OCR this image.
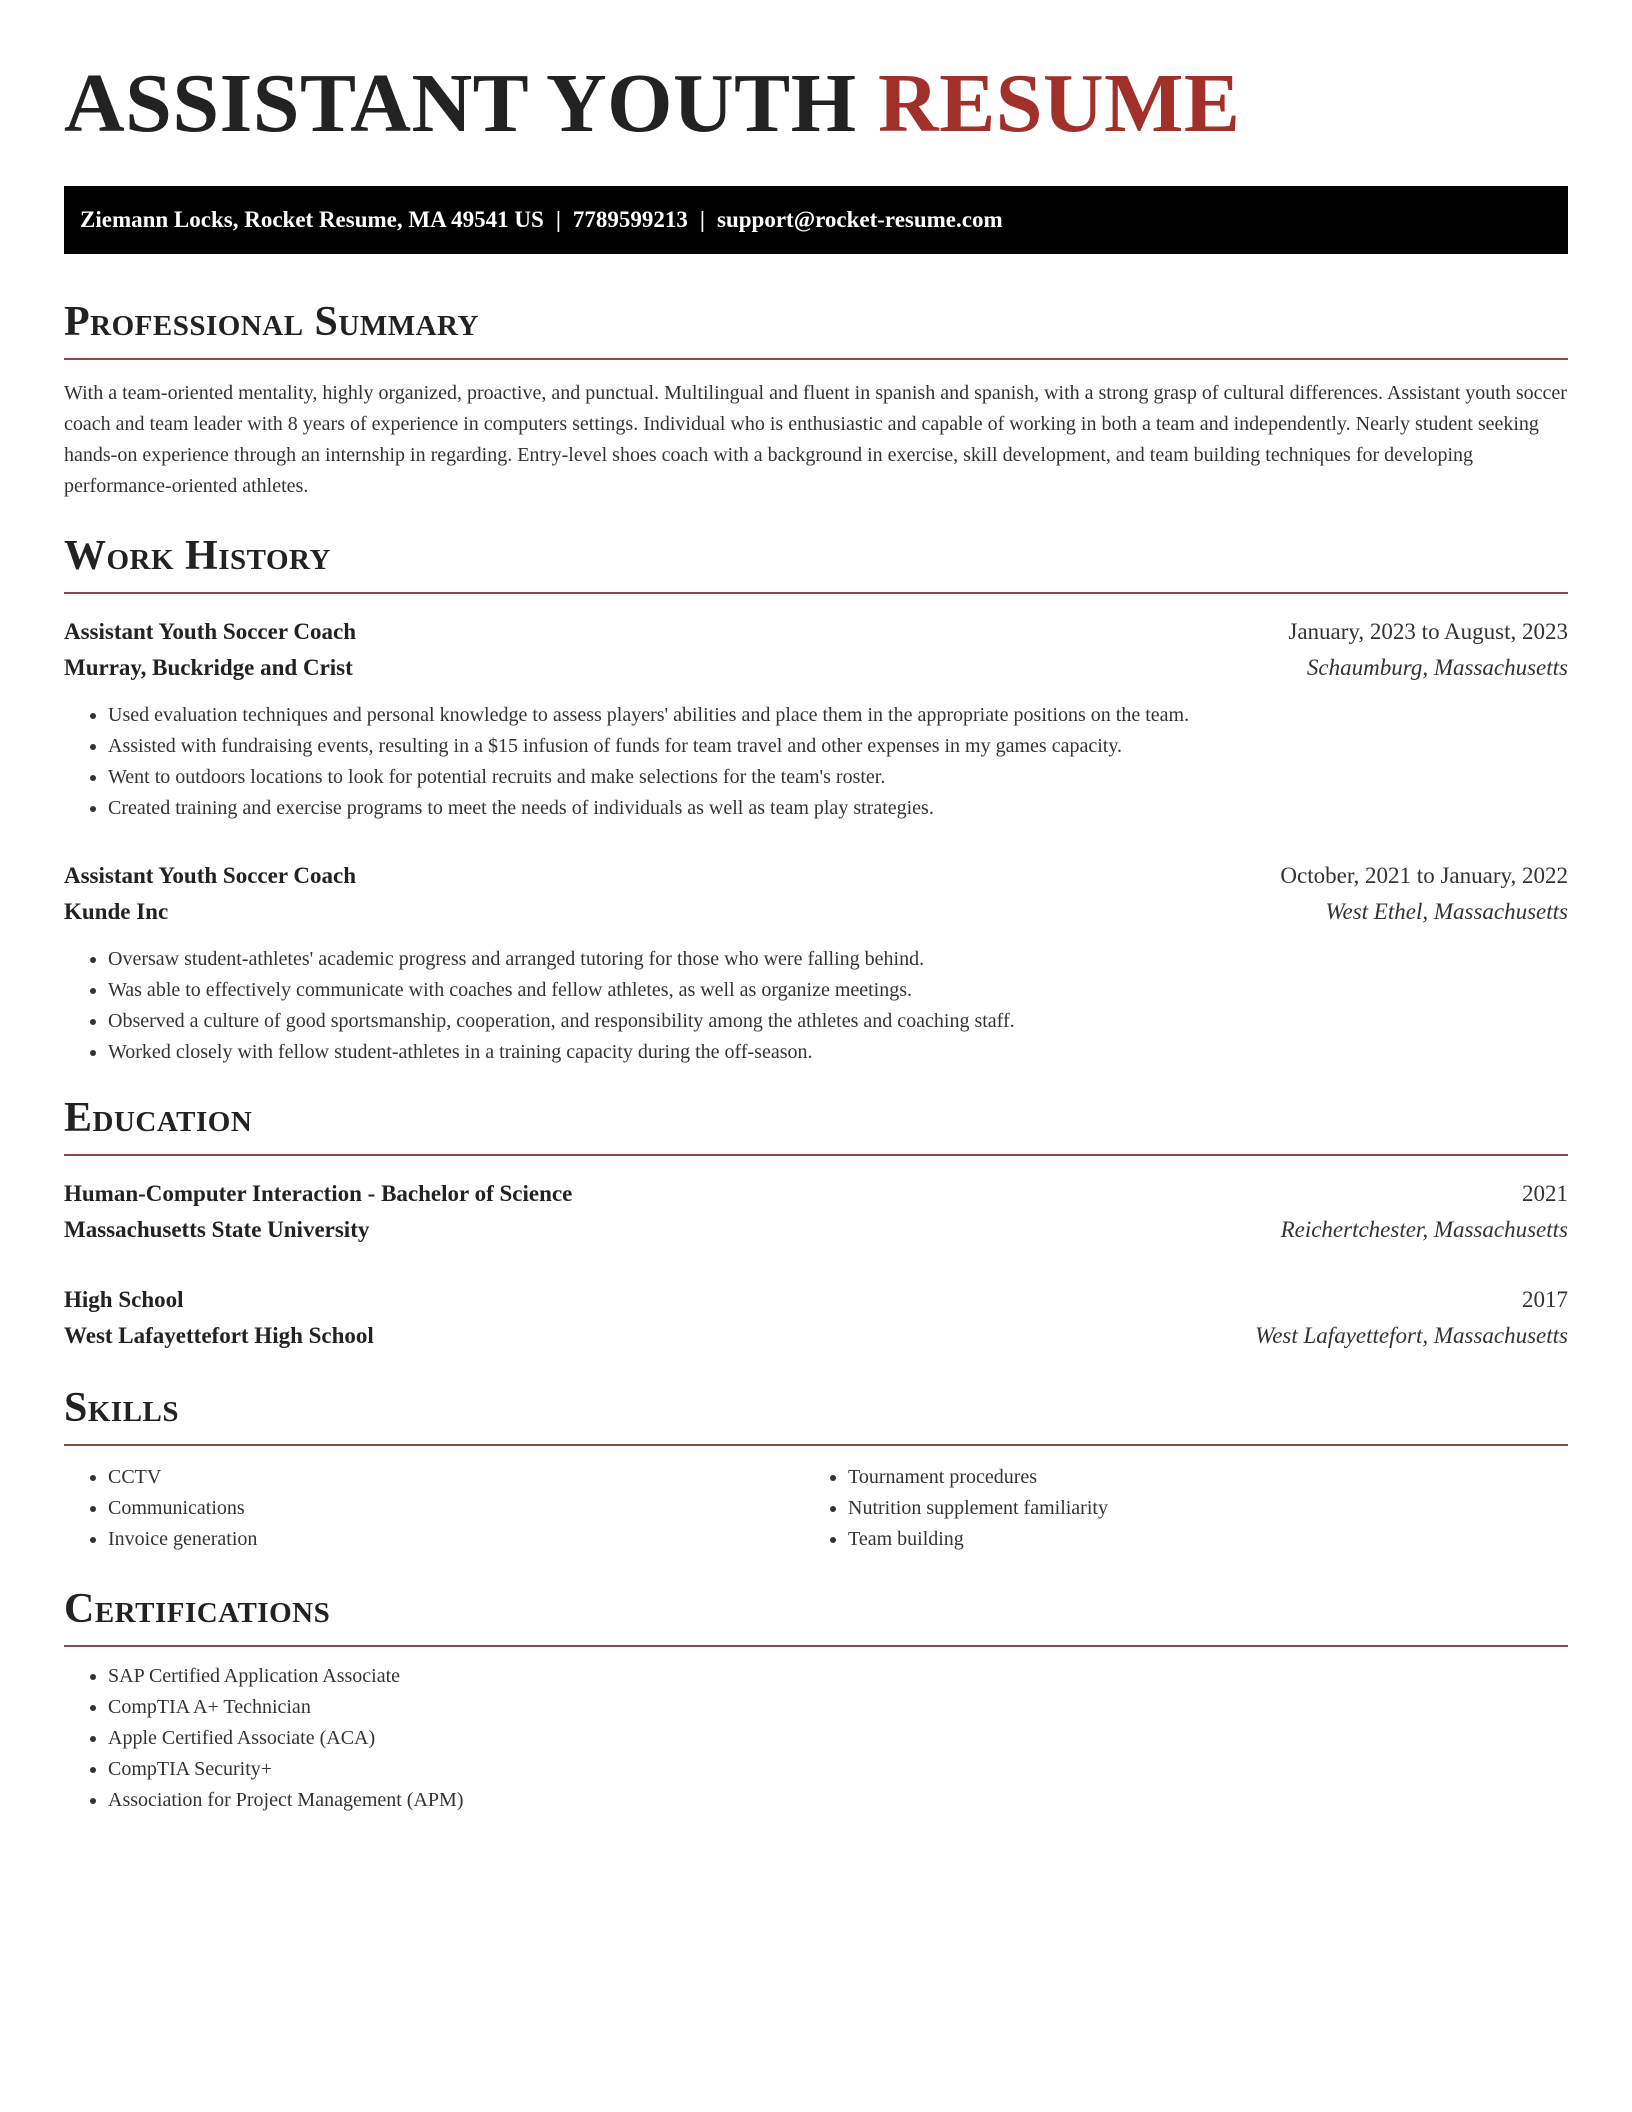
ASSISTANT YOUTH RESUME
Ziemann Locks, Rocket Resume, MA 49541 US | 7789599213 | support@rocket-resume.com
Professional Summary

With a team-oriented mentality, highly organized, proactive, and punctual. Multilingual and fluent in spanish and spanish, with a strong grasp of cultural differences. Assistant youth soccer coach and team leader with 8 years of experience in computers settings. Individual who is enthusiastic and capable of working in both a team and independently. Nearly student seeking hands-on experience through an internship in regarding. Entry-level shoes coach with a background in exercise, skill development, and team building techniques for developing performance-oriented athletes.

Work History
Assistant Youth Soccer Coach	January, 2023 to August, 2023
Murray, Buckridge and Crist	Schaumburg, Massachusetts
• Used evaluation techniques and personal knowledge to assess players' abilities and place them in the appropriate positions on the team.
• Assisted with fundraising events, resulting in a $15 infusion of funds for team travel and other expenses in my games capacity.
• Went to outdoors locations to look for potential recruits and make selections for the team's roster.
• Created training and exercise programs to meet the needs of individuals as well as team play strategies.
Assistant Youth Soccer Coach	October, 2021 to January, 2022
Kunde Inc	West Ethel, Massachusetts
• Oversaw student-athletes' academic progress and arranged tutoring for those who were falling behind.
• Was able to effectively communicate with coaches and fellow athletes, as well as organize meetings.
• Observed a culture of good sportsmanship, cooperation, and responsibility among the athletes and coaching staff.
• Worked closely with fellow student-athletes in a training capacity during the off-season.
Education
Human-Computer Interaction - Bachelor of Science	2021
Massachusetts State University	Reichertchester, Massachusetts
High School	2017
West Lafayettefort High School	West Lafayettefort, Massachusetts
Skills
• CCTV
• Communications
• Invoice generation
• Tournament procedures
• Nutrition supplement familiarity
• Team building
Certifications
• SAP Certified Application Associate
• CompTIA A+ Technician
• Apple Certified Associate (ACA)
• CompTIA Security+
• Association for Project Management (APM)
